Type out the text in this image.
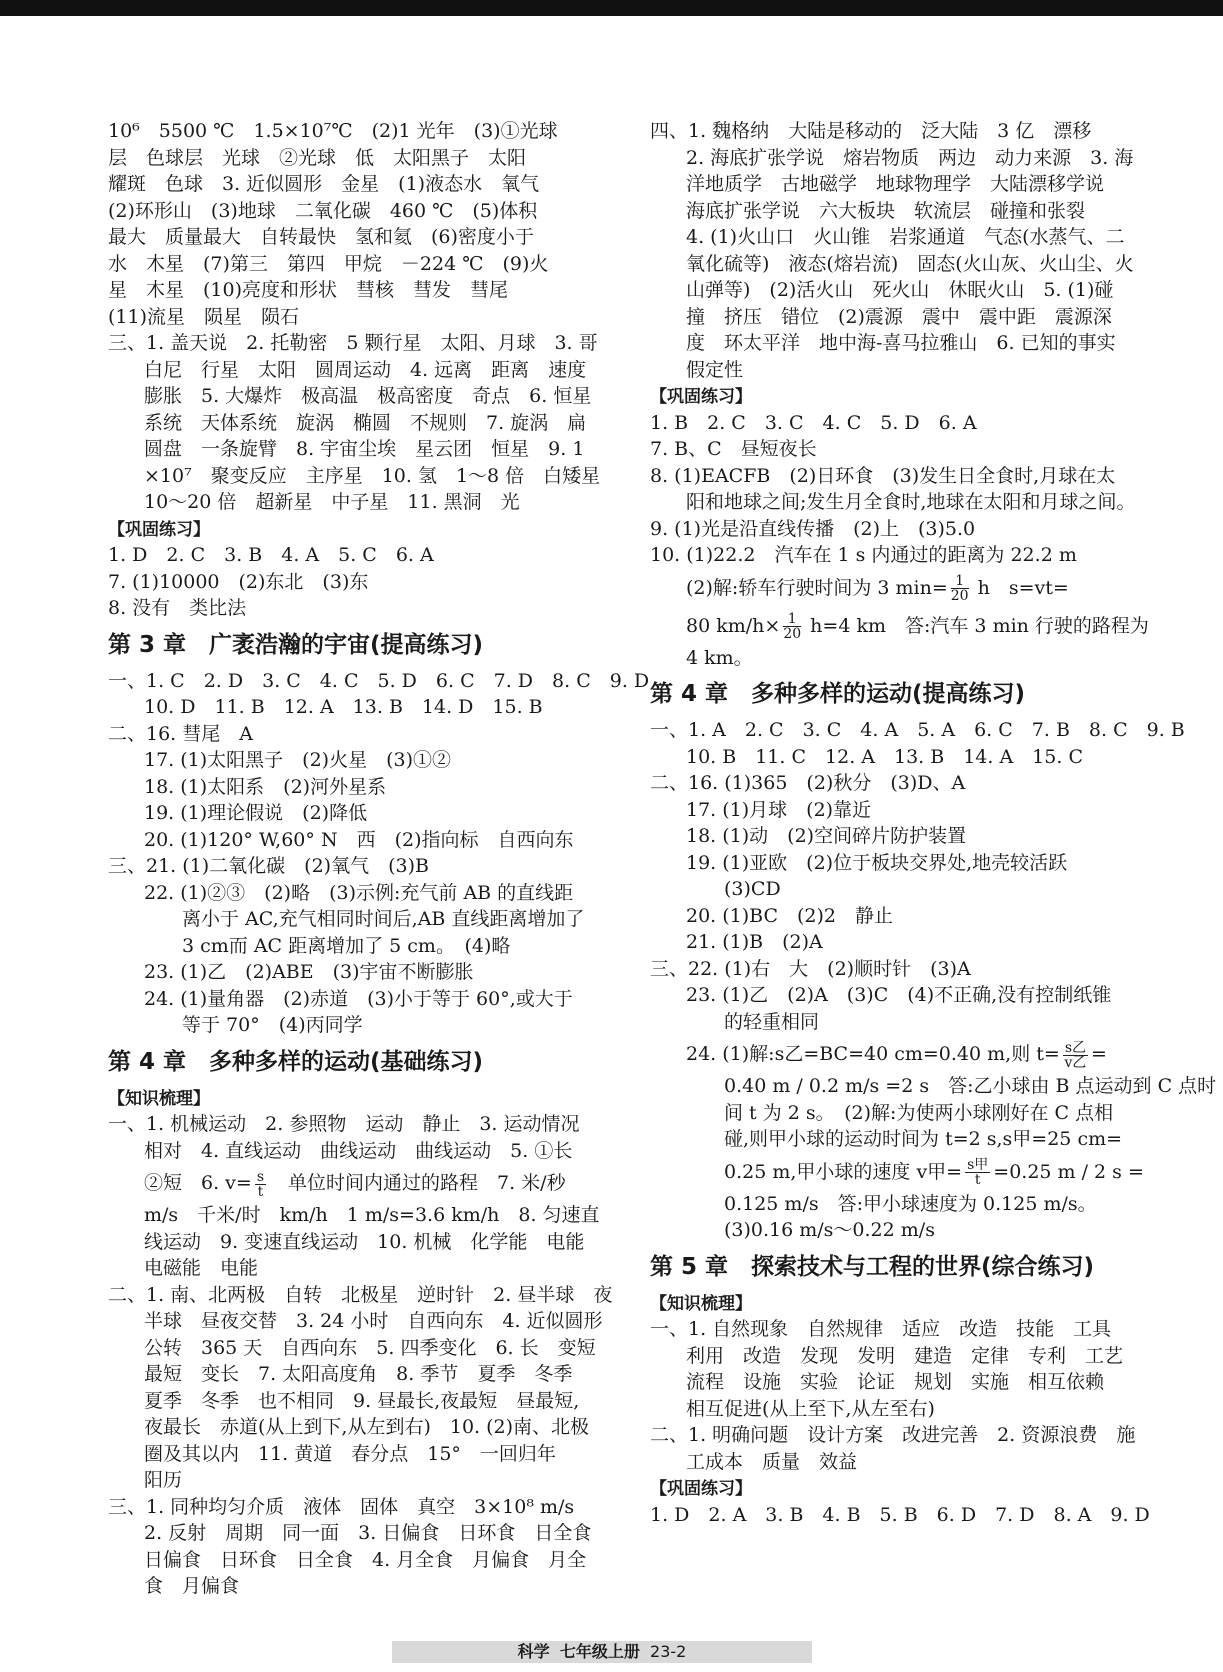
10⁶　5500 ℃　1.5×10⁷℃　(2)1 光年　(3)①光球
层　色球层　光球　②光球　低　太阳黑子　太阳
耀斑　色球　3. 近似圆形　金星　(1)液态水　氧气
(2)环形山　(3)地球　二氧化碳　460 ℃　(5)体积
最大　质量最大　自转最快　氢和氦　(6)密度小于
水　木星　(7)第三　第四　甲烷　－224 ℃　(9)火
星　木星　(10)亮度和形状　彗核　彗发　彗尾
(11)流星　陨星　陨石
三、1. 盖天说　2. 托勒密　5 颗行星　太阳、月球　3. 哥
白尼　行星　太阳　圆周运动　4. 远离　距离　速度
膨胀　5. 大爆炸　极高温　极高密度　奇点　6. 恒星
系统　天体系统　旋涡　椭圆　不规则　7. 旋涡　扁
圆盘　一条旋臂　8. 宇宙尘埃　星云团　恒星　9. 1
×10⁷　聚变反应　主序星　10. 氢　1～8 倍　白矮星
10～20 倍　超新星　中子星　11. 黑洞　光
【巩固练习】
1. D　2. C　3. B　4. A　5. C　6. A
7. (1)10000　(2)东北　(3)东
8. 没有　类比法
第 3 章　广袤浩瀚的宇宙(提高练习)
一、1. C　2. D　3. C　4. C　5. D　6. C　7. D　8. C　9. D
10. D　11. B　12. A　13. B　14. D　15. B
二、16. 彗尾　A
17. (1)太阳黑子　(2)火星　(3)①②
18. (1)太阳系　(2)河外星系
19. (1)理论假说　(2)降低
20. (1)120° W,60° N　西　(2)指向标　自西向东
三、21. (1)二氧化碳　(2)氧气　(3)B
22. (1)②③　(2)略　(3)示例:充气前 AB 的直线距
　　离小于 AC,充气相同时间后,AB 直线距离增加了
　　3 cm而 AC 距离增加了 5 cm。　(4)略
23. (1)乙　(2)ABE　(3)宇宙不断膨胀
24. (1)量角器　(2)赤道　(3)小于等于 60°,或大于
　　等于 70°　(4)丙同学
第 4 章　多种多样的运动(基础练习)
【知识梳理】
一、1. 机械运动　2. 参照物　运动　静止　3. 运动情况
相对　4. 直线运动　曲线运动　曲线运动　5. ①长
②短　6. $v= \frac{s}{t}$ 　单位时间内通过的路程　7. 米/秒
m/s　千米/时　km/h　1 m/s=3.6 km/h　8. 匀速直
线运动　9. 变速直线运动　10. 机械　化学能　电能
电磁能　电能
二、1. 南、北两极　自转　北极星　逆时针　2. 昼半球　夜
半球　昼夜交替　3. 24 小时　自西向东　4. 近似圆形
公转　365 天　自西向东　5. 四季变化　6. 长　变短
最短　变长　7. 太阳高度角　8. 季节　夏季　冬季
夏季　冬季　也不相同　9. 昼最长,夜最短　昼最短,
夜最长　赤道(从上到下,从左到右)　10. (2)南、北极
圈及其以内　11. 黄道　春分点　15°　一回归年
阳历
三、1. 同种均匀介质　液体　固体　真空　3×10⁸ m/s
2. 反射　周期　同一面　3. 日偏食　日环食　日全食
日偏食　日环食　日全食　4. 月全食　月偏食　月全
食　月偏食
四、1. 魏格纳　大陆是移动的　泛大陆　3 亿　漂移
2. 海底扩张学说　熔岩物质　两边　动力来源　3. 海
洋地质学　古地磁学　地球物理学　大陆漂移学说
海底扩张学说　六大板块　软流层　碰撞和张裂
4. (1)火山口　火山锥　岩浆通道　气态(水蒸气、二
氧化硫等)　液态(熔岩流)　固态(火山灰、火山尘、火
山弹等)　(2)活火山　死火山　休眠火山　5. (1)碰
撞　挤压　错位　(2)震源　震中　震中距　震源深
度　环太平洋　地中海-喜马拉雅山　6. 已知的事实
假定性
【巩固练习】
1. B　2. C　3. C　4. C　5. D　6. A
7. B、C　昼短夜长
8. (1)EACFB　(2)日环食　(3)发生日全食时,月球在太
阳和地球之间;发生月全食时,地球在太阳和月球之间。
9. (1)光是沿直线传播　(2)上　(3)5.0
10. (1)22.2　汽车在 1 s 内通过的距离为 22.2 m
(2)解:轿车行驶时间为 3 $\min= \frac{1}{20}$ h　s=vt=
80 $km/h\times \frac{1}{20} h=4$ km　答:汽车 3 min 行驶的路程为
4 km。
第 4 章　多种多样的运动(提高练习)
一、1. A　2. C　3. C　4. A　5. A　6. C　7. B　8. C　9. B
10. B　11. C　12. A　13. B　14. A　15. C
二、16. (1)365　(2)秋分　(3)D、A
17. (1)月球　(2)靠近
18. (1)动　(2)空间碎片防护装置
19. (1)亚欧　(2)位于板块交界处,地壳较活跃
　　(3)CD
20. (1)BC　(2)2　静止
21. (1)B　(2)A
三、22. (1)右　大　(2)顺时针　(3)A
23. (1)乙　(2)A　(3)C　(4)不正确,没有控制纸锥
　　的轻重相同
24. (1)解:s乙=BC=40 cm=0.40 m,则 $t= \frac{\text{s乙}}{\text{v乙}}$ =
　　0.40 m / 0.2 m/s =2 s　答:乙小球由 B 点运动到 C 点时
　　间 t 为 2 s。　(2)解:为使两小球刚好在 C 点相
　　碰,则甲小球的运动时间为 t=2 s,s甲=25 cm=
　　0.25 m,甲小球的速度 v甲= $\frac{\text{s甲}}{t} =0.25$ m / 2 s =
　　0.125 m/s　答:甲小球速度为 0.125 m/s。
　　(3)0.16 m/s～0.22 m/s
第 5 章　探索技术与工程的世界(综合练习)
【知识梳理】
一、1. 自然现象　自然规律　适应　改造　技能　工具
利用　改造　发现　发明　建造　定律　专利　工艺
流程　设施　实验　论证　规划　实施　相互依赖
相互促进(从上至下,从左至右)
二、1. 明确问题　设计方案　改进完善　2. 资源浪费　施
工成本　质量　效益
【巩固练习】
1. D　2. A　3. B　4. B　5. B　6. D　7. D　8. A　9. D
科学 七年级上册 23-2
